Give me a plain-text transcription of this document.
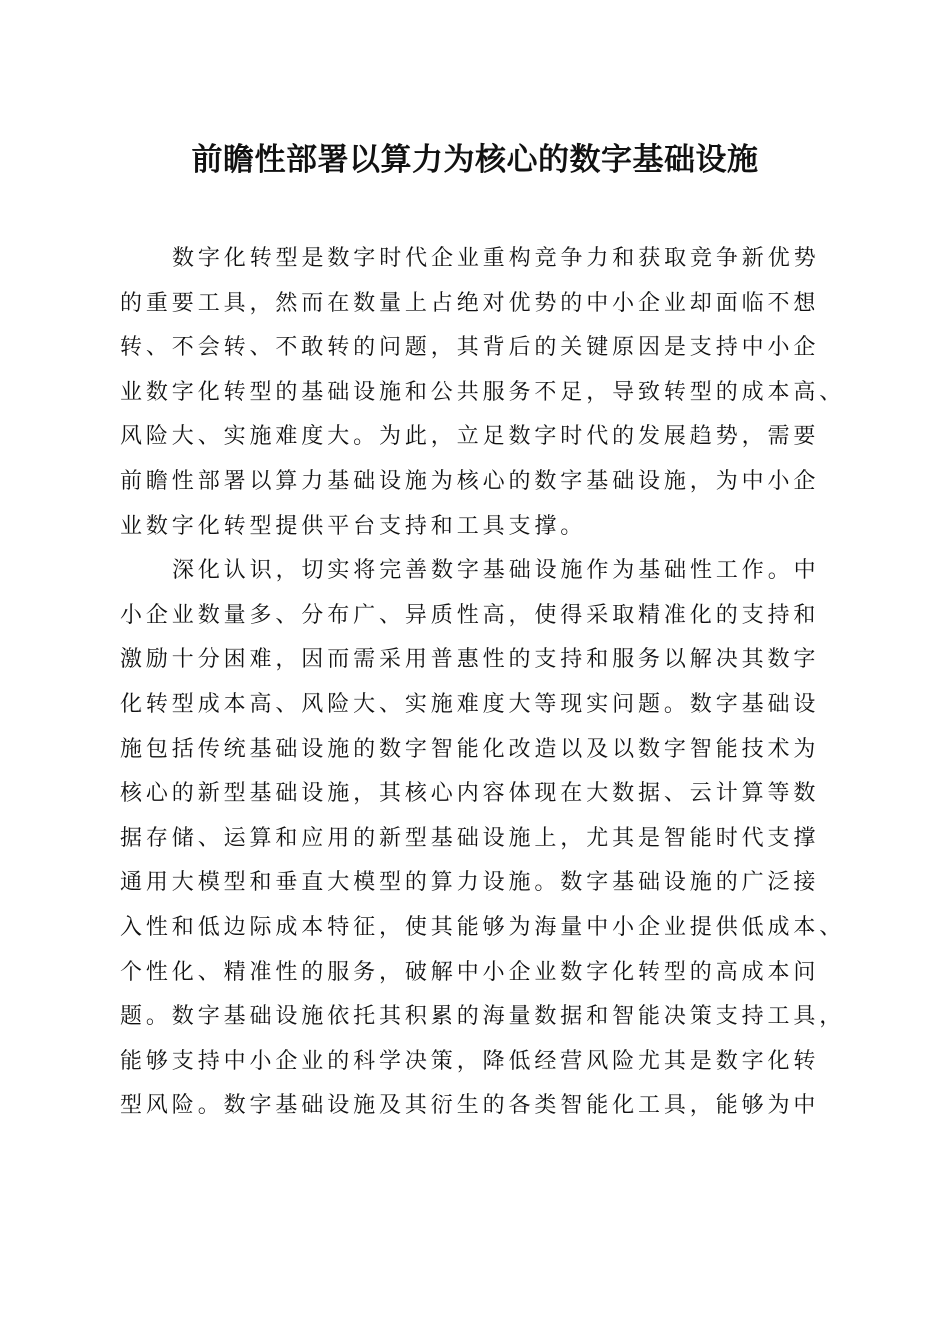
前瞻性部署以算力为核心的数字基础设施
数字化转型是数字时代企业重构竞争力和获取竞争新优势
的重要工具，然而在数量上占绝对优势的中小企业却面临不想
转、不会转、不敢转的问题，其背后的关键原因是支持中小企
业数字化转型的基础设施和公共服务不足，导致转型的成本高、
风险大、实施难度大。为此，立足数字时代的发展趋势，需要
前瞻性部署以算力基础设施为核心的数字基础设施，为中小企
业数字化转型提供平台支持和工具支撑。
深化认识，切实将完善数字基础设施作为基础性工作。中
小企业数量多、分布广、异质性高，使得采取精准化的支持和
激励十分困难，因而需采用普惠性的支持和服务以解决其数字
化转型成本高、风险大、实施难度大等现实问题。数字基础设
施包括传统基础设施的数字智能化改造以及以数字智能技术为
核心的新型基础设施，其核心内容体现在大数据、云计算等数
据存储、运算和应用的新型基础设施上，尤其是智能时代支撑
通用大模型和垂直大模型的算力设施。数字基础设施的广泛接
入性和低边际成本特征，使其能够为海量中小企业提供低成本、
个性化、精准性的服务，破解中小企业数字化转型的高成本问
题。数字基础设施依托其积累的海量数据和智能决策支持工具，
能够支持中小企业的科学决策，降低经营风险尤其是数字化转
型风险。数字基础设施及其衍生的各类智能化工具，能够为中
